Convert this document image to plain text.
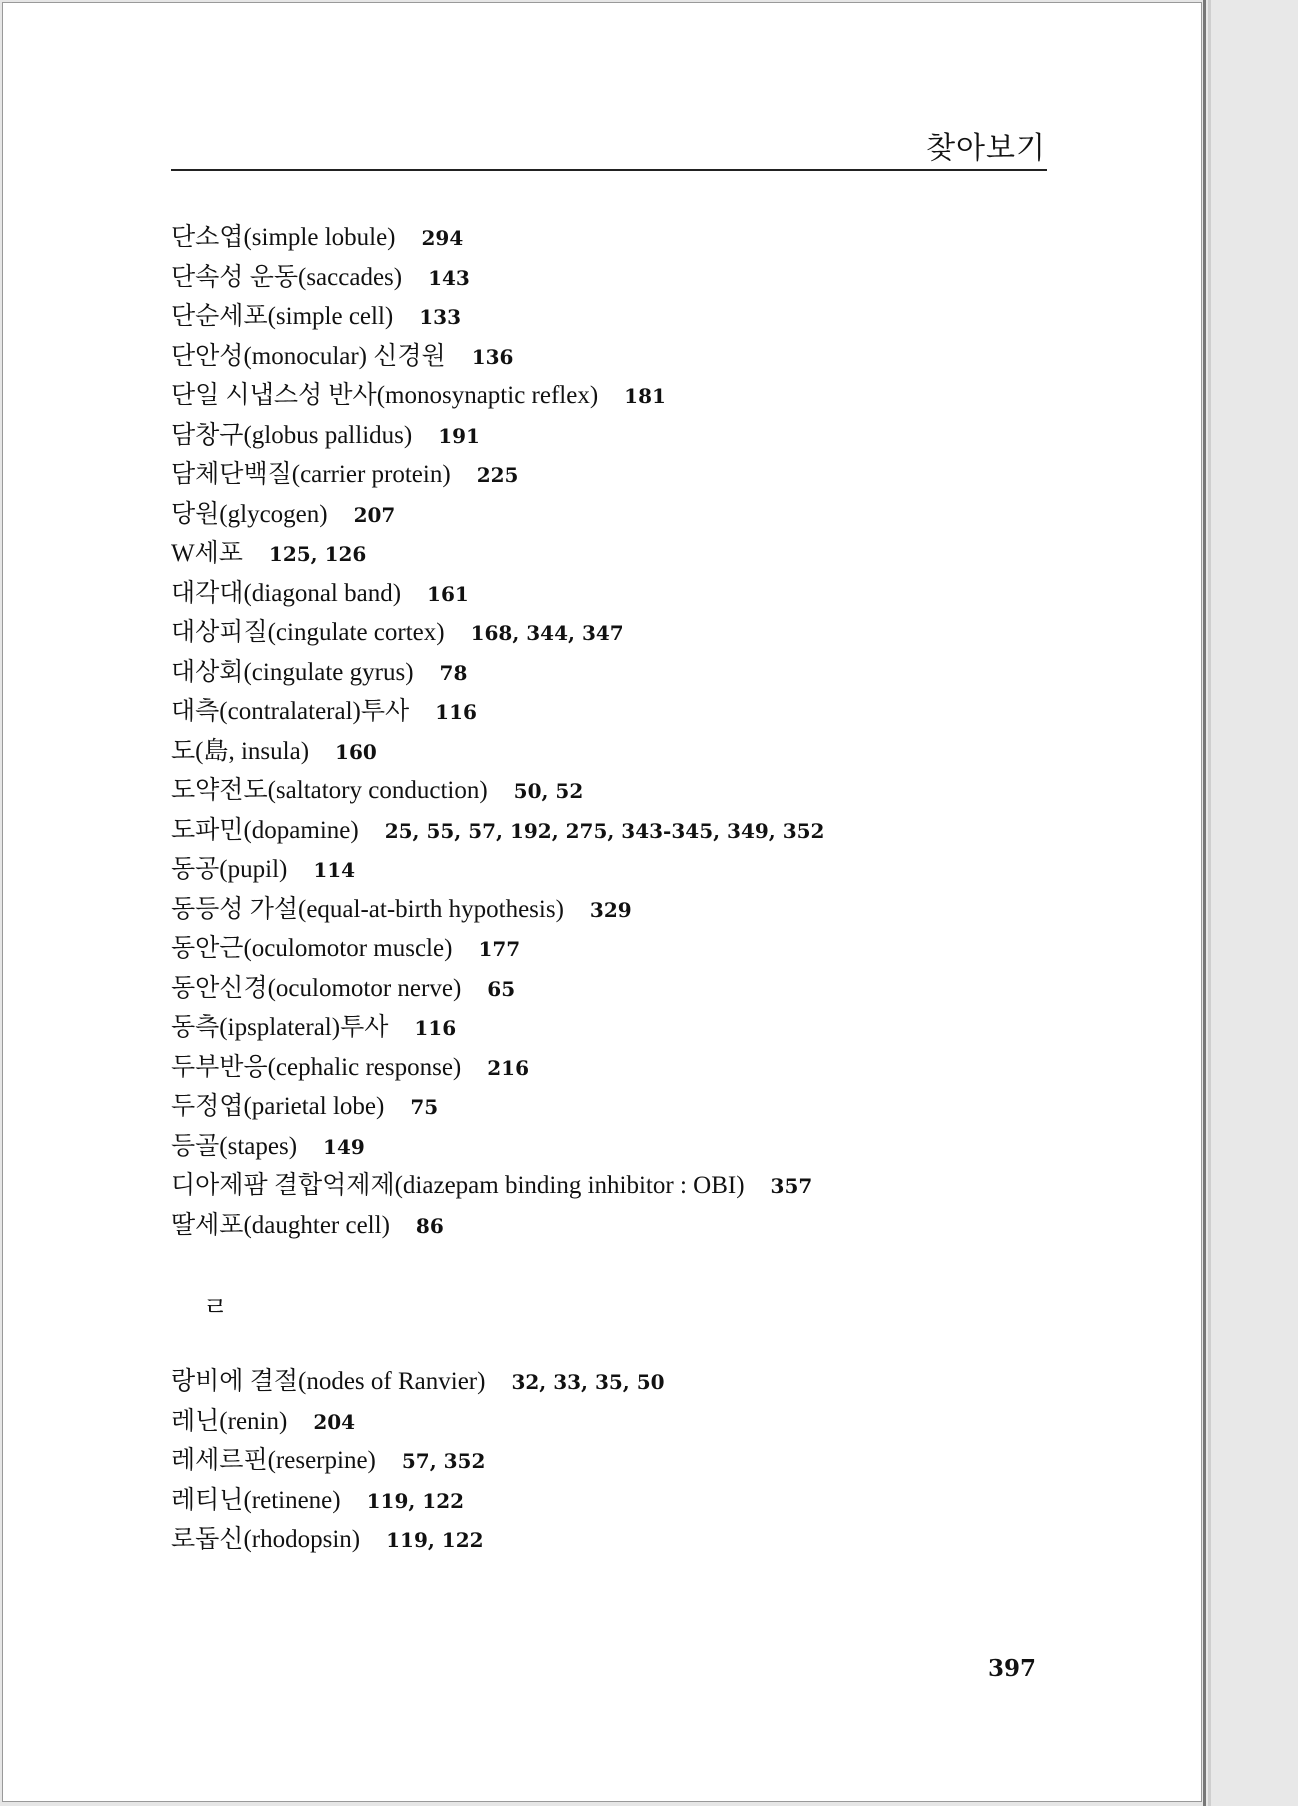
찾아보기
단소엽(simple lobule) 294
단속성 운동(saccades) 143
단순세포(simple cell) 133
단안성(monocular) 신경원 136
단일 시냅스성 반사(monosynaptic reflex) 181
담창구(globus pallidus) 191
담체단백질(carrier protein) 225
당원(glycogen) 207
W세포 125, 126
대각대(diagonal band) 161
대상피질(cingulate cortex) 168, 344, 347
대상회(cingulate gyrus) 78
대측(contralateral)투사 116
도(島, insula) 160
도약전도(saltatory conduction) 50, 52
도파민(dopamine) 25, 55, 57, 192, 275, 343-345, 349, 352
동공(pupil) 114
동등성 가설(equal-at-birth hypothesis) 329
동안근(oculomotor muscle) 177
동안신경(oculomotor nerve) 65
동측(ipsplateral)투사 116
두부반응(cephalic response) 216
두정엽(parietal lobe) 75
등골(stapes) 149
디아제팜 결합억제제(diazepam binding inhibitor : OBI) 357
딸세포(daughter cell) 86
ㄹ
랑비에 결절(nodes of Ranvier) 32, 33, 35, 50
레닌(renin) 204
레세르핀(reserpine) 57, 352
레티닌(retinene) 119, 122
로돕신(rhodopsin) 119, 122
397
